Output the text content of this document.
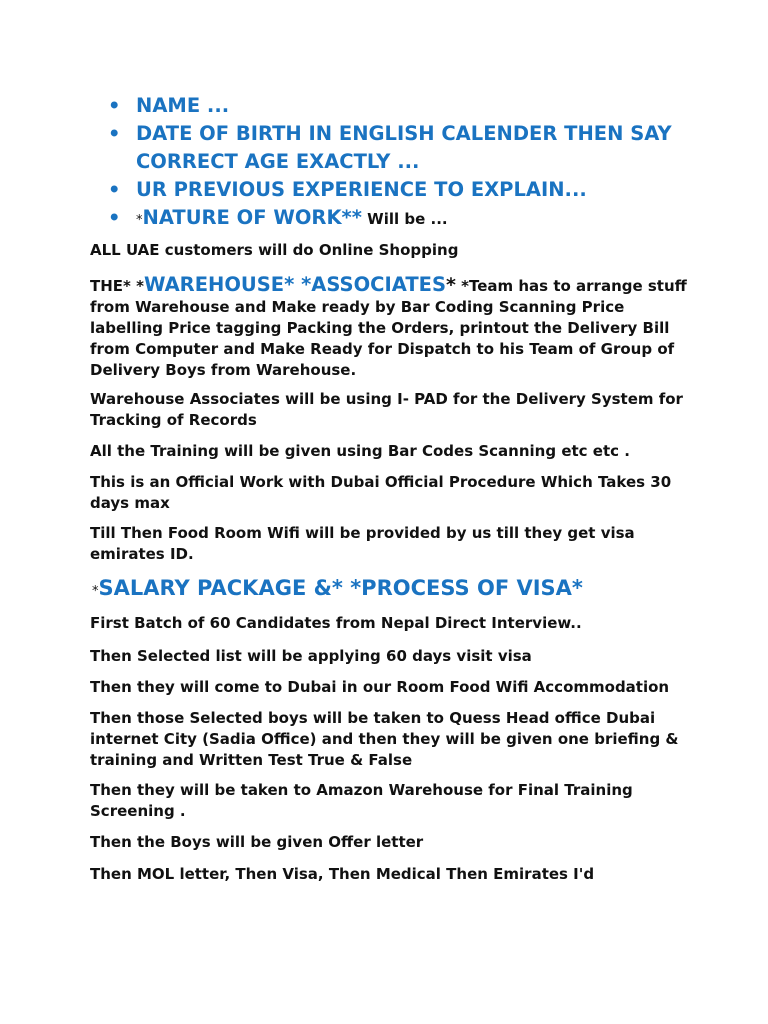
• NAME ...
• DATE OF BIRTH IN ENGLISH CALENDER THEN SAY CORRECT AGE EXACTLY ...
• UR PREVIOUS EXPERIENCE TO EXPLAIN...
• *NATURE OF WORK** Will be ...

ALL UAE customers will do Online Shopping

THE* *WAREHOUSE* *ASSOCIATES* *Team has to arrange stuff from Warehouse and Make ready by Bar Coding Scanning Price labelling Price tagging Packing the Orders, printout the Delivery Bill from Computer and Make Ready for Dispatch to his Team of Group of Delivery Boys from Warehouse.

Warehouse Associates will be using I- PAD for the Delivery System for Tracking of Records

All the Training will be given using Bar Codes Scanning etc etc .

This is an Official Work with Dubai Official Procedure Which Takes 30 days max

Till Then Food Room Wifi will be provided by us till they get visa emirates ID.

*SALARY PACKAGE &* *PROCESS OF VISA*

First Batch of 60 Candidates from Nepal Direct Interview..

Then Selected list will be applying 60 days visit visa

Then they will come to Dubai in our Room Food Wifi Accommodation

Then those Selected boys will be taken to Quess Head office Dubai internet City (Sadia Office) and then they will be given one briefing & training and Written Test True & False

Then they will be taken to Amazon Warehouse for Final Training Screening .

Then the Boys will be given Offer letter

Then MOL letter, Then Visa, Then Medical Then Emirates I'd
